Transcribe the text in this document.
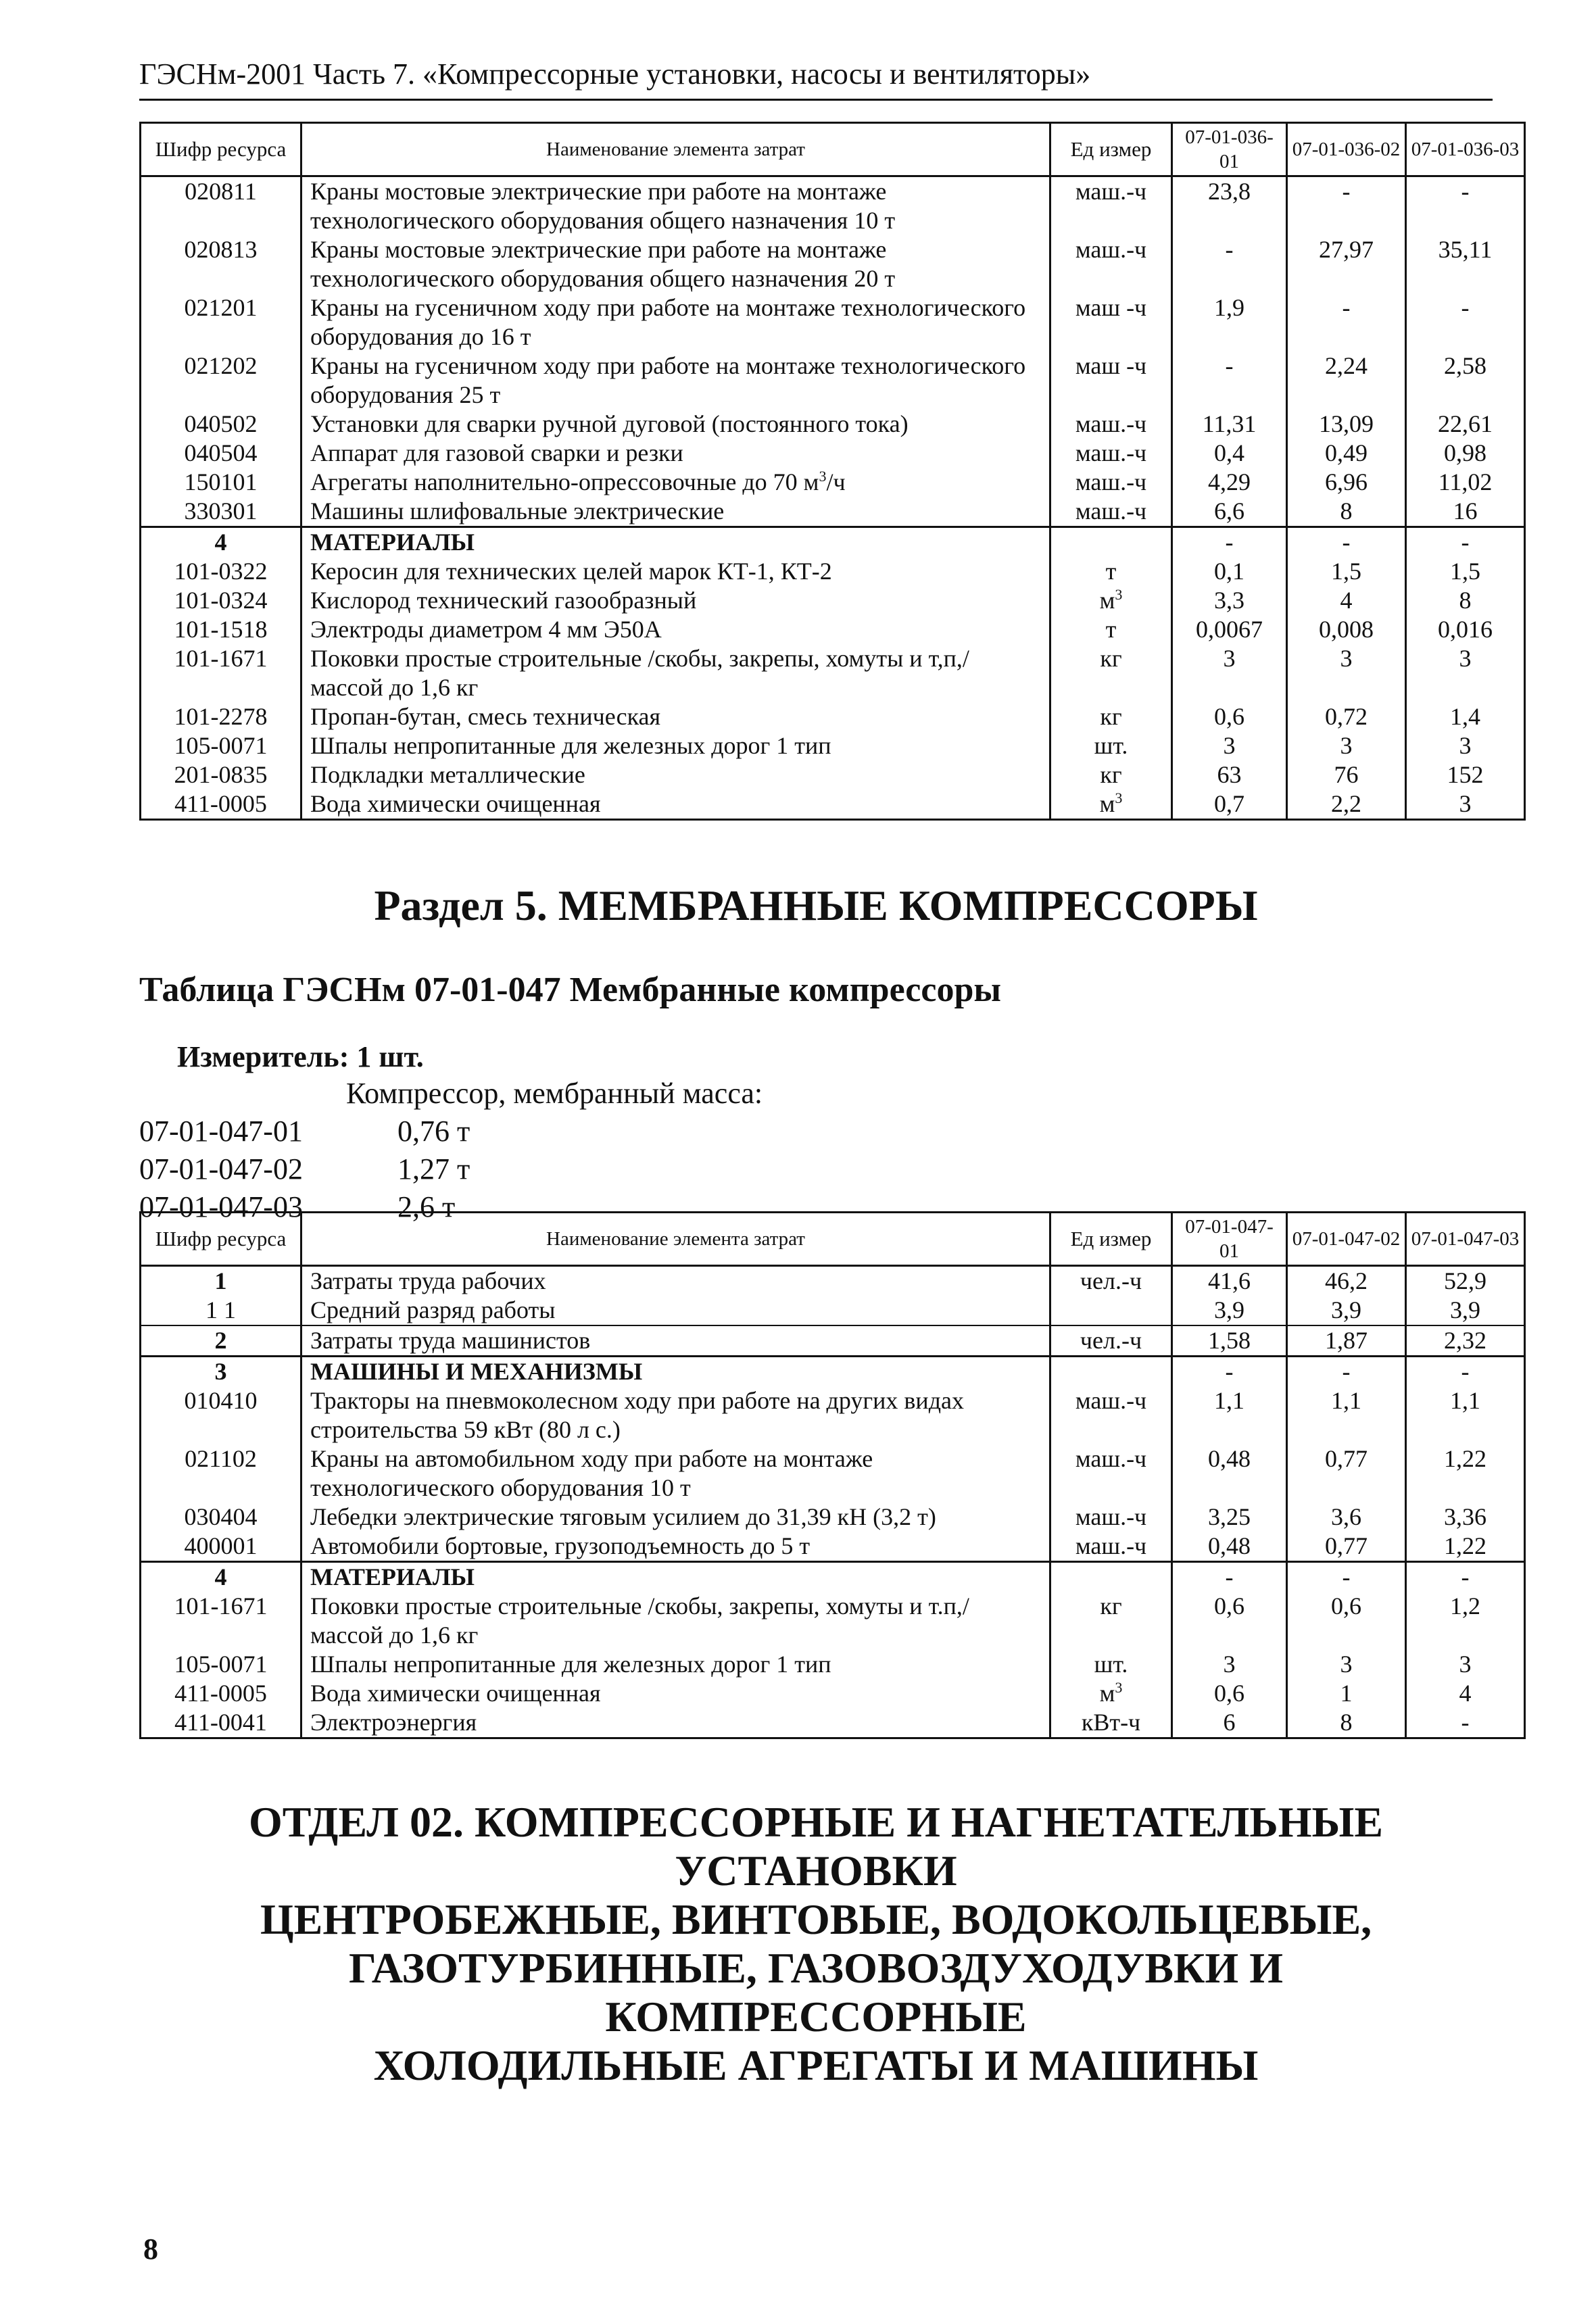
ГЭСНм-2001 Часть 7. «Компрессорные установки, насосы и вентиляторы»
Шифр ресурса	Наименование элемента затрат	Ед измер	07-01-036-01	07-01-036-02	07-01-036-03
020811	Краны мостовые электрические при работе на монтаже технологического оборудования общего назначения 10 т	маш.-ч	23,8	-	-
020813	Краны мостовые электрические при работе на монтаже технологического оборудования общего назначения 20 т	маш.-ч	-	27,97	35,11
021201	Краны на гусеничном ходу при работе на монтаже технологического оборудования до 16 т	маш -ч	1,9	-	-
021202	Краны на гусеничном ходу при работе на монтаже технологического оборудования 25 т	маш -ч	-	2,24	2,58
040502	Установки для сварки ручной дуговой (постоянного тока)	маш.-ч	11,31	13,09	22,61
040504	Аппарат для газовой сварки и резки	маш.-ч	0,4	0,49	0,98
150101	Агрегаты наполнительно-опрессовочные до 70 $м^3/ч$	маш.-ч	4,29	6,96	11,02
330301	Машины шлифовальные электрические	маш.-ч	6,6	8	16
4	МАТЕРИАЛЫ		-	-	-
101-0322	Керосин для технических целей марок КТ-1, КТ-2	т	0,1	1,5	1,5
101-0324	Кислород технический газообразный	$м^3$	3,3	4	8
101-1518	Электроды диаметром 4 мм Э50А	т	0,0067	0,008	0,016
101-1671	Поковки простые строительные /скобы, закрепы, хомуты и т,п,/ массой до 1,6 кг	кг	3	3	3
101-2278	Пропан-бутан, смесь техническая	кг	0,6	0,72	1,4
105-0071	Шпалы непропитанные для железных дорог 1 тип	шт.	3	3	3
201-0835	Подкладки металлические	кг	63	76	152
411-0005	Вода химически очищенная	$м^3$	0,7	2,2	3
Раздел 5. МЕМБРАННЫЕ КОМПРЕССОРЫ
Таблица ГЭСНм 07-01-047 Мембранные компрессоры
Измеритель: 1 шт.
Компрессор, мембранный масса:
07-01-047-01	0,76 т
07-01-047-02	1,27 т
07-01-047-03	2,6 т
Шифр ресурса	Наименование элемента затрат	Ед измер	07-01-047-01	07-01-047-02	07-01-047-03
1	Затраты труда рабочих	чел.-ч	41,6	46,2	52,9
1 1	Средний разряд работы		3,9	3,9	3,9
2	Затраты труда машинистов	чел.-ч	1,58	1,87	2,32
3	МАШИНЫ И МЕХАНИЗМЫ		-	-	-
010410	Тракторы на пневмоколесном ходу при работе на других видах строительства 59 кВт (80 л с.)	маш.-ч	1,1	1,1	1,1
021102	Краны на автомобильном ходу при работе на монтаже технологического оборудования 10 т	маш.-ч	0,48	0,77	1,22
030404	Лебедки электрические тяговым усилием до 31,39 кН (3,2 т)	маш.-ч	3,25	3,6	3,36
400001	Автомобили бортовые, грузоподъемность до 5 т	маш.-ч	0,48	0,77	1,22
4	МАТЕРИАЛЫ		-	-	-
101-1671	Поковки простые строительные /скобы, закрепы, хомуты и т.п,/ массой до 1,6 кг	кг	0,6	0,6	1,2
105-0071	Шпалы непропитанные для железных дорог 1 тип	шт.	3	3	3
411-0005	Вода химически очищенная	$м^3$	0,6	1	4
411-0041	Электроэнергия	кВт-ч	6	8	-
ОТДЕЛ 02. КОМПРЕССОРНЫЕ И НАГНЕТАТЕЛЬНЫЕ УСТАНОВКИ
ЦЕНТРОБЕЖНЫЕ, ВИНТОВЫЕ, ВОДОКОЛЬЦЕВЫЕ,
ГАЗОТУРБИННЫЕ, ГАЗОВОЗДУХОДУВКИ И КОМПРЕССОРНЫЕ
ХОЛОДИЛЬНЫЕ АГРЕГАТЫ И МАШИНЫ
8
